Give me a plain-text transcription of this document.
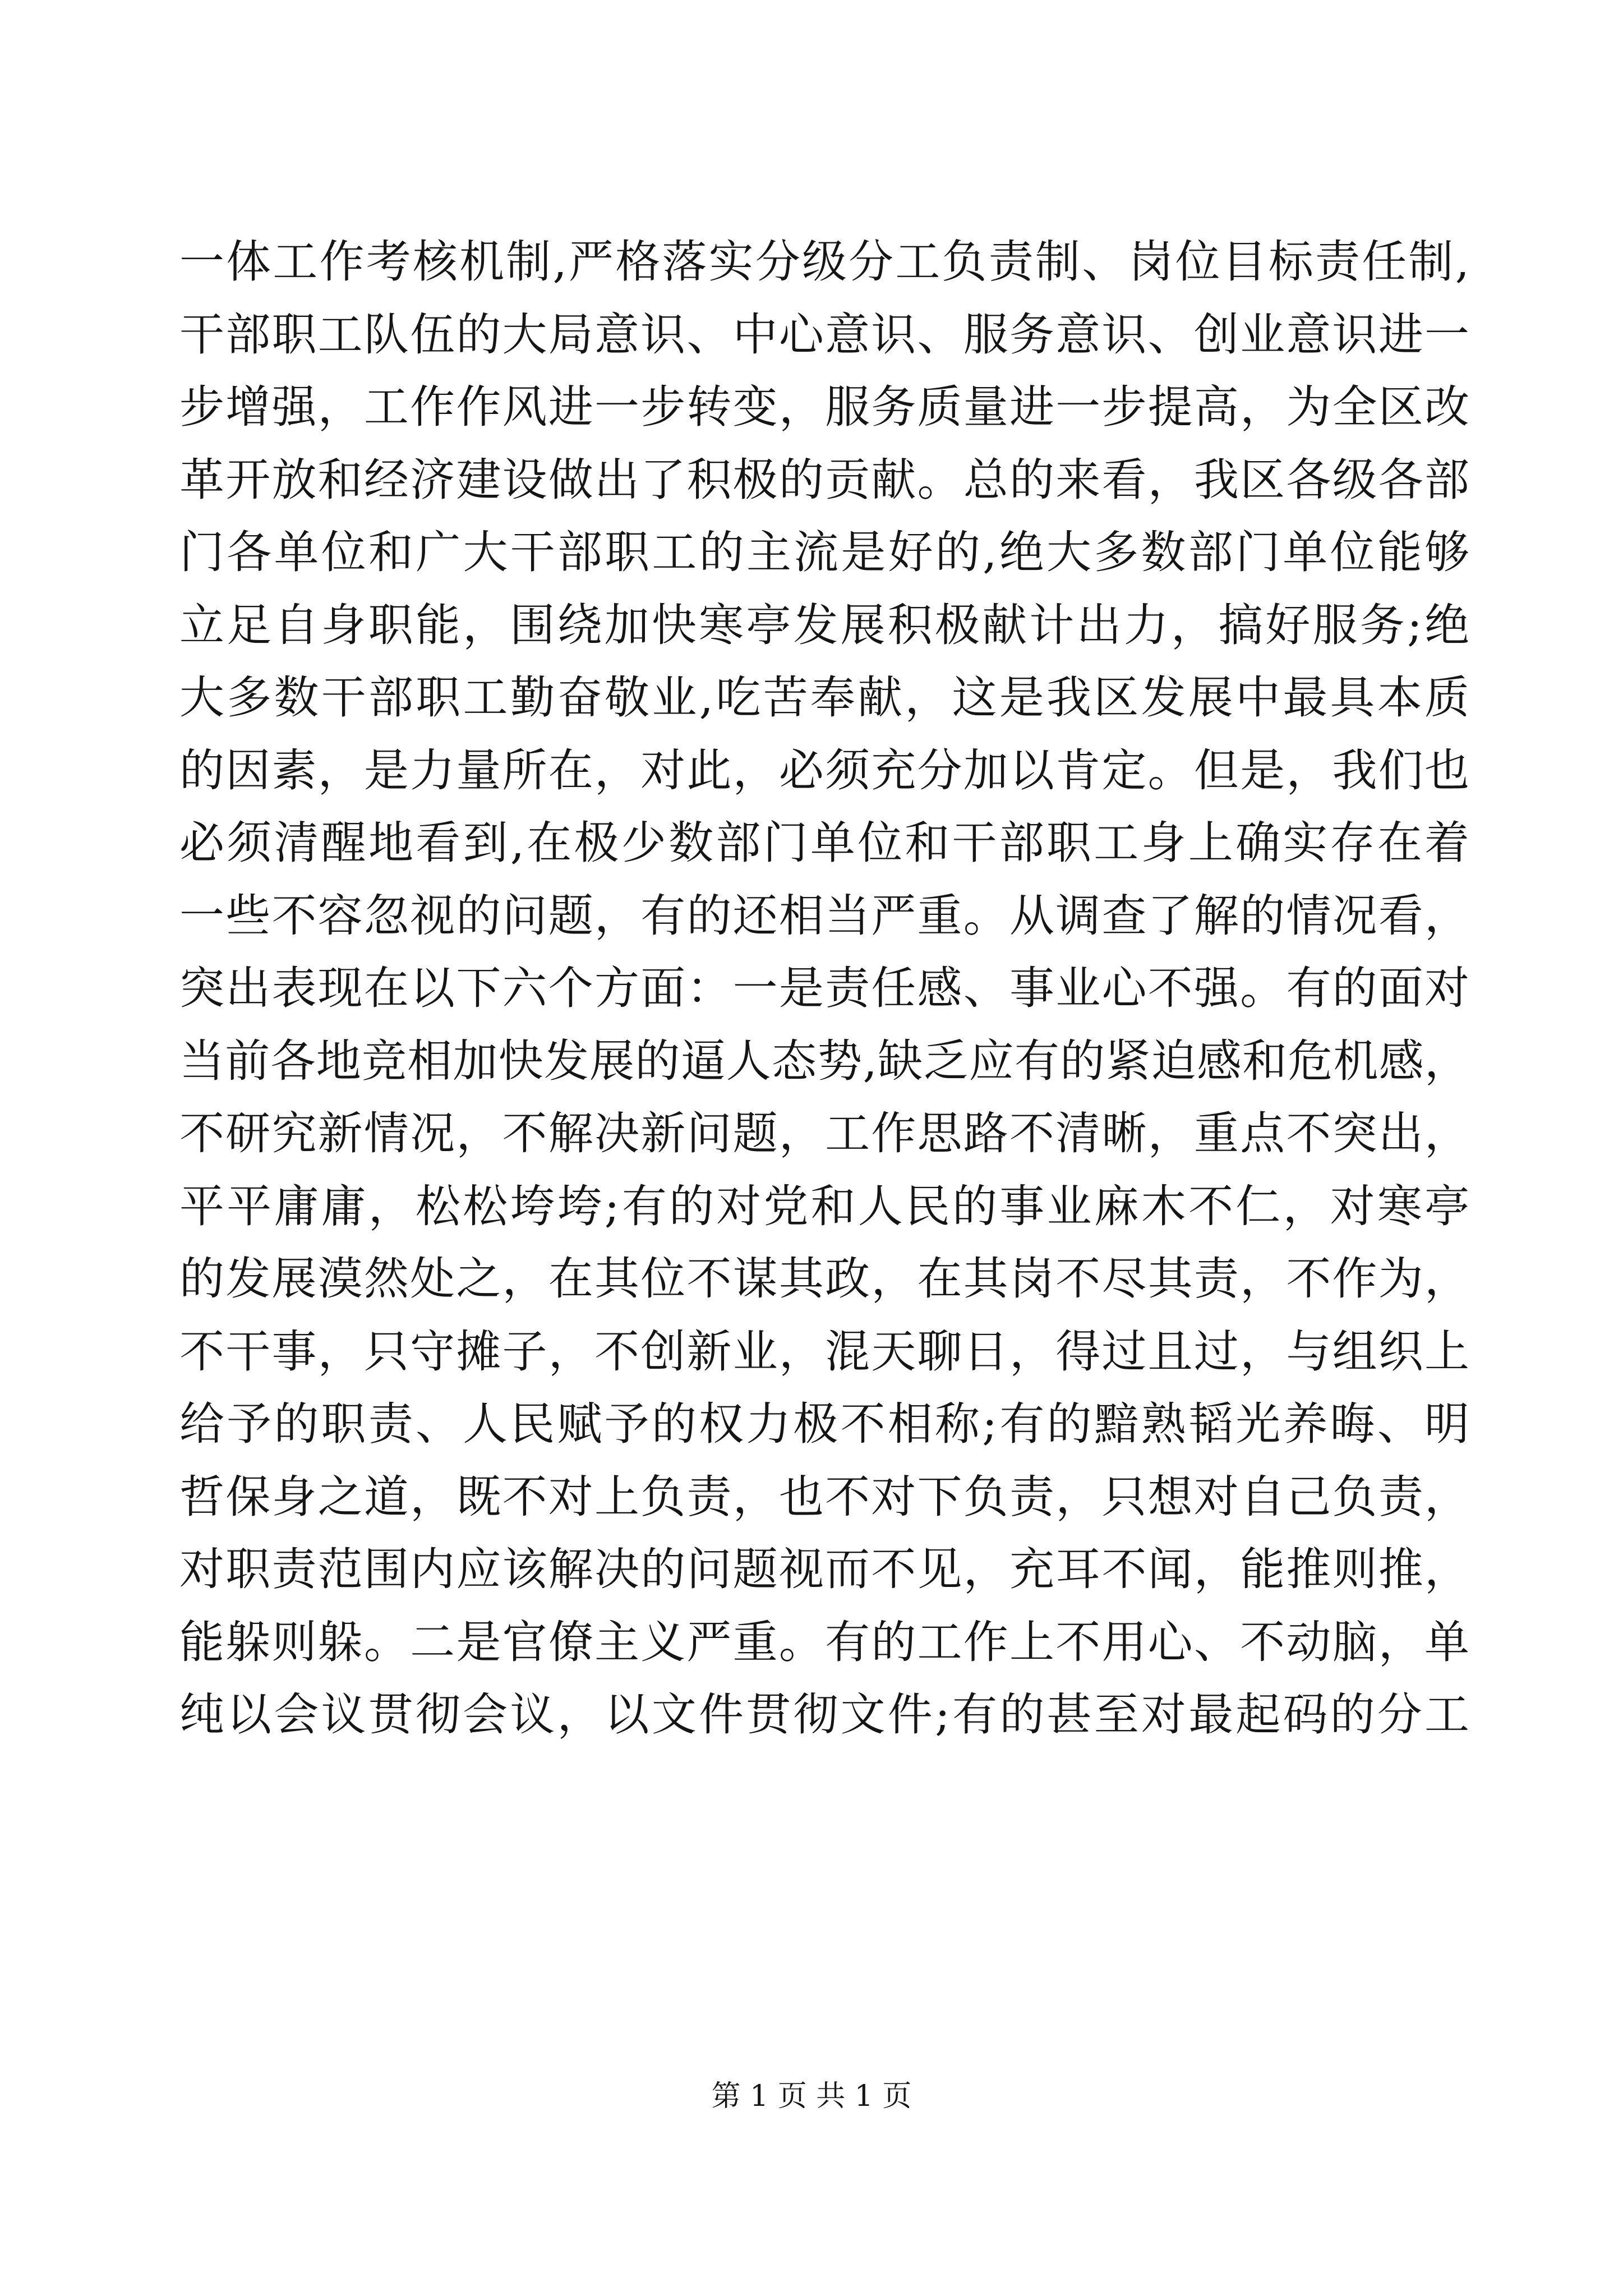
一体工作考核机制,严格落实分级分工负责制、岗位目标责任制,
干部职工队伍的大局意识、中心意识、服务意识、创业意识进一
步增强，工作作风进一步转变，服务质量进一步提高，为全区改
革开放和经济建设做出了积极的贡献。总的来看，我区各级各部
门各单位和广大干部职工的主流是好的,绝大多数部门单位能够
立足自身职能，围绕加快寒亭发展积极献计出力，搞好服务;绝
大多数干部职工勤奋敬业,吃苦奉献，这是我区发展中最具本质
的因素，是力量所在，对此，必须充分加以肯定。但是，我们也
必须清醒地看到,在极少数部门单位和干部职工身上确实存在着
一些不容忽视的问题，有的还相当严重。从调查了解的情况看，
突出表现在以下六个方面：一是责任感、事业心不强。有的面对
当前各地竞相加快发展的逼人态势,缺乏应有的紧迫感和危机感，
不研究新情况，不解决新问题，工作思路不清晰，重点不突出，
平平庸庸，松松垮垮;有的对党和人民的事业麻木不仁，对寒亭
的发展漠然处之，在其位不谋其政，在其岗不尽其责，不作为，
不干事，只守摊子，不创新业，混天聊日，得过且过，与组织上
给予的职责、人民赋予的权力极不相称;有的黯熟韬光养晦、明
哲保身之道，既不对上负责，也不对下负责，只想对自己负责，
对职责范围内应该解决的问题视而不见，充耳不闻，能推则推，
能躲则躲。二是官僚主义严重。有的工作上不用心、不动脑，单
纯以会议贯彻会议，以文件贯彻文件;有的甚至对最起码的分工
第 1 页 共 1 页
